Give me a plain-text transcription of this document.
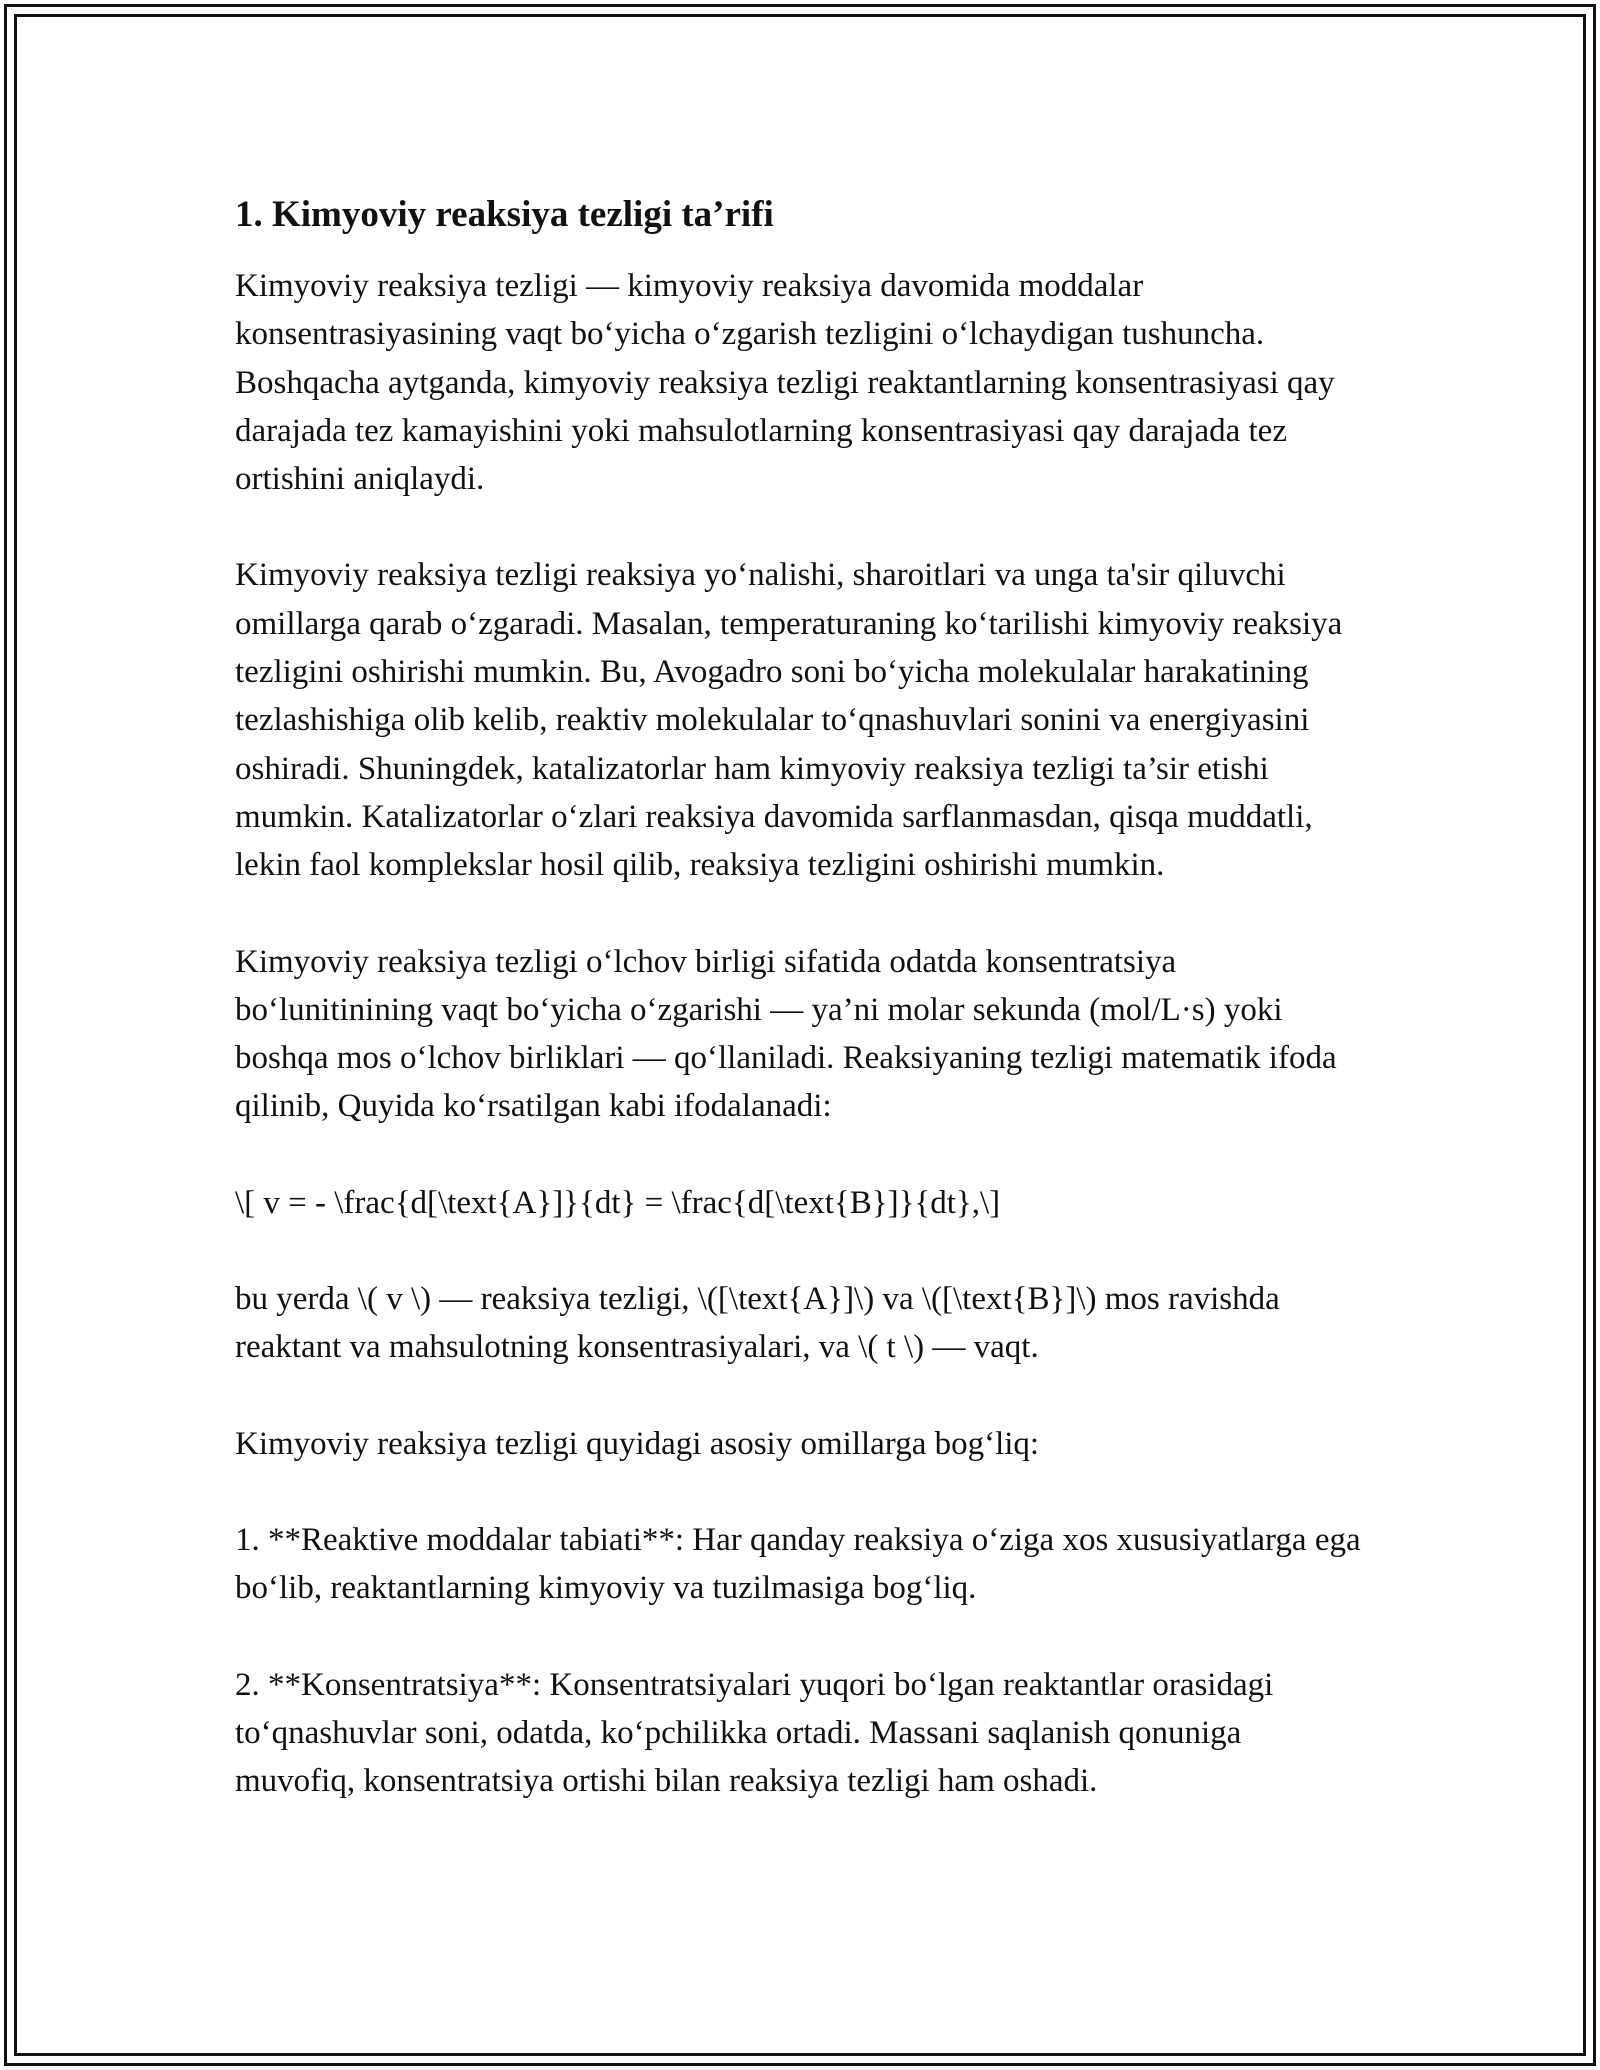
1. Kimyoviy reaksiya tezligi ta’rifi

Kimyoviy reaksiya tezligi — kimyoviy reaksiya davomida moddalar konsentrasiyasining vaqt boʻyicha oʻzgarish tezligini oʻlchaydigan tushuncha. Boshqacha aytganda, kimyoviy reaksiya tezligi reaktantlarning konsentrasiyasi qay darajada tez kamayishini yoki mahsulotlarning konsentrasiyasi qay darajada tez ortishini aniqlaydi.

Kimyoviy reaksiya tezligi reaksiya yoʻnalishi, sharoitlari va unga ta'sir qiluvchi omillarga qarab oʻzgaradi. Masalan, temperaturaning koʻtarilishi kimyoviy reaksiya tezligini oshirishi mumkin. Bu, Avogadro soni boʻyicha molekulalar harakatining tezlashishiga olib kelib, reaktiv molekulalar toʻqnashuvlari sonini va energiyasini oshiradi. Shuningdek, katalizatorlar ham kimyoviy reaksiya tezligi ta’sir etishi mumkin. Katalizatorlar oʻzlari reaksiya davomida sarflanmasdan, qisqa muddatli, lekin faol komplekslar hosil qilib, reaksiya tezligini oshirishi mumkin.

Kimyoviy reaksiya tezligi oʻlchov birligi sifatida odatda konsentratsiya boʻlunitinining vaqt boʻyicha oʻzgarishi — ya’ni molar sekunda (mol/L·s) yoki boshqa mos oʻlchov birliklari — qoʻllaniladi. Reaksiyaning tezligi matematik ifoda qilinib, Quyida koʻrsatilgan kabi ifodalanadi:

\[ v = - \frac{d[\text{A}]}{dt} = \frac{d[\text{B}]}{dt},\]

bu yerda \( v \) — reaksiya tezligi, \([\text{A}]\) va \([\text{B}]\) mos ravishda reaktant va mahsulotning konsentrasiyalari, va \( t \) — vaqt.

Kimyoviy reaksiya tezligi quyidagi asosiy omillarga bogʻliq:

1. **Reaktive moddalar tabiati**: Har qanday reaksiya oʻziga xos xususiyatlarga ega boʻlib, reaktantlarning kimyoviy va tuzilmasiga bogʻliq.

2. **Konsentratsiya**: Konsentratsiyalari yuqori boʻlgan reaktantlar orasidagi toʻqnashuvlar soni, odatda, koʻpchilikka ortadi. Massani saqlanish qonuniga muvofiq, konsentratsiya ortishi bilan reaksiya tezligi ham oshadi.
